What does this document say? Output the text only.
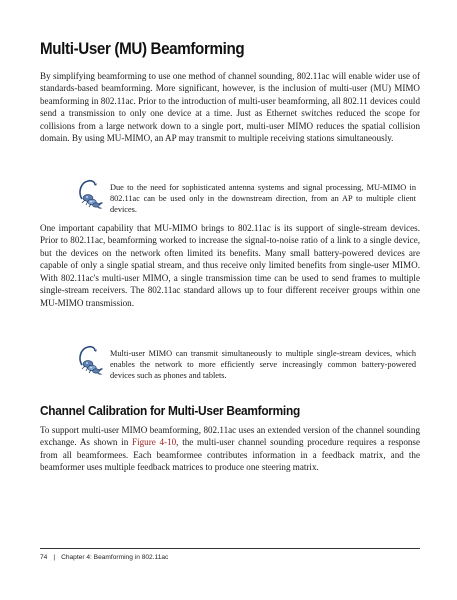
Multi-User (MU) Beamforming

By simplifying beamforming to use one method of channel sounding, 802.11ac will enable wider use of standards-based beamforming. More significant, however, is the inclusion of multi-user (MU) MIMO beamforming in 802.11ac. Prior to the introduction of multi-user beamforming, all 802.11 devices could send a transmission to only one device at a time. Just as Ethernet switches reduced the scope for collisions from a large network down to a single port, multi-user MIMO reduces the spatial collision domain. By using MU-MIMO, an AP may transmit to multiple receiving stations simultaneously.

Due to the need for sophisticated antenna systems and signal processing, MU-MIMO in 802.11ac can be used only in the downstream direction, from an AP to multiple client devices.

One important capability that MU-MIMO brings to 802.11ac is its support of single-stream devices. Prior to 802.11ac, beamforming worked to increase the signal-to-noise ratio of a link to a single device, but the devices on the network often limited its benefits. Many small battery-powered devices are capable of only a single spatial stream, and thus receive only limited benefits from single-user MIMO. With 802.11ac's multi-user MIMO, a single transmission time can be used to send frames to multiple single-stream receivers. The 802.11ac standard allows up to four different receiver groups within one MU-MIMO transmission.

Multi-user MIMO can transmit simultaneously to multiple single-stream devices, which enables the network to more efficiently serve increasingly common battery-powered devices such as phones and tablets.

Channel Calibration for Multi-User Beamforming

To support multi-user MIMO beamforming, 802.11ac uses an extended version of the channel sounding exchange. As shown in Figure 4-10, the multi-user channel sounding procedure requires a response from all beamformees. Each beamformee contributes information in a feedback matrix, and the beamformer uses multiple feedback matrices to produce one steering matrix.

74 | Chapter 4: Beamforming in 802.11ac
